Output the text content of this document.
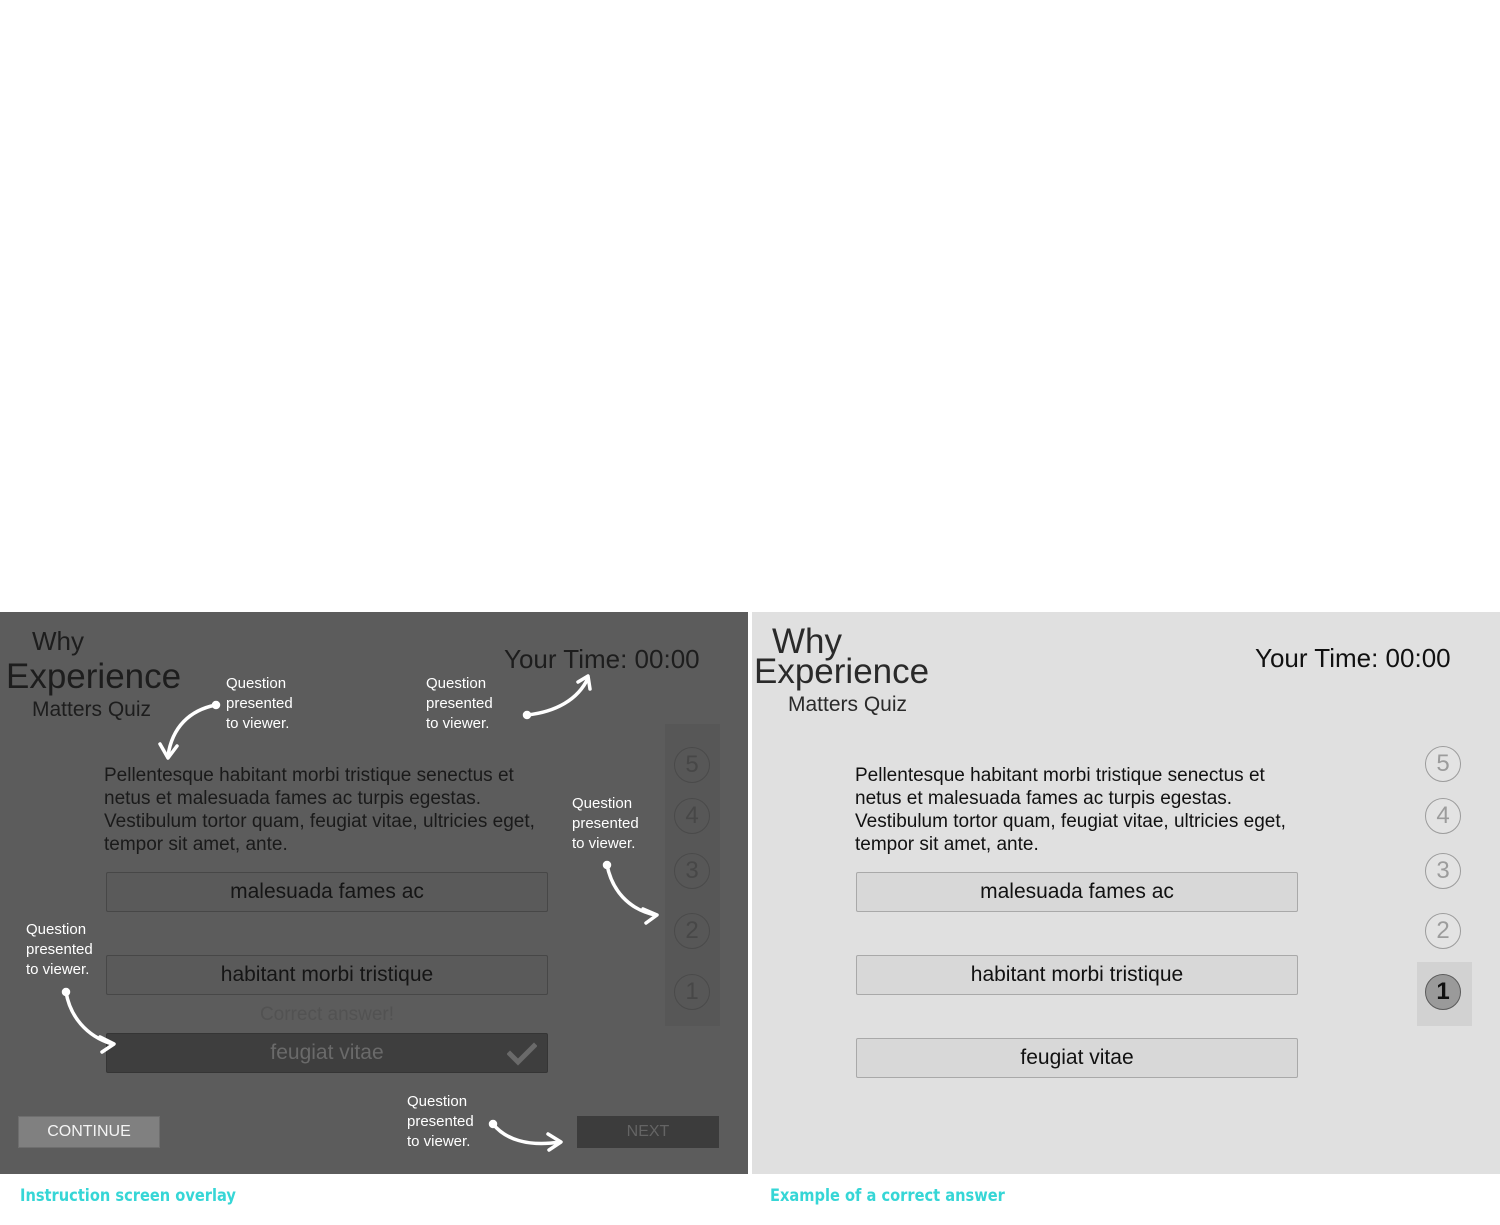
Why
Experience
Matters Quiz
Your Time: 00:00
Pellentesque habitant morbi tristique senectus et netus et malesuada fames ac turpis egestas. Vestibulum tortor quam, feugiat vitae, ultricies eget, tempor sit amet, ante.
malesuada fames ac
habitant morbi tristique
Correct answer!
feugiat vitae
5
4
3
2
1
CONTINUE	NEXT
Question
presented
to viewer.
Question
presented
to viewer.
Question
presented
to viewer.
Question
presented
to viewer.
Question
presented
to viewer.
Why
Experience
Matters Quiz
Your Time: 00:00
Pellentesque habitant morbi tristique senectus et netus et malesuada fames ac turpis egestas. Vestibulum tortor quam, feugiat vitae, ultricies eget, tempor sit amet, ante.
malesuada fames ac
habitant morbi tristique
feugiat vitae
5
4
3
2
1
Instruction screen overlay	Example of a correct answer
